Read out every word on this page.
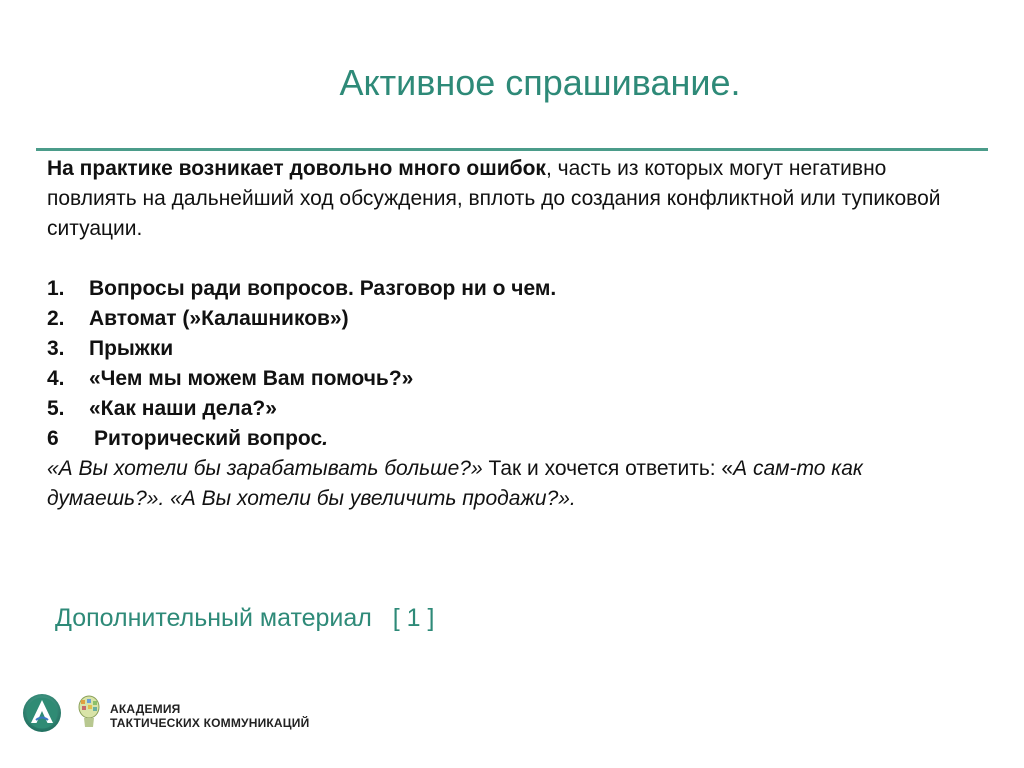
Активное спрашивание.

На практике возникает довольно много ошибок, часть из которых могут негативно повлиять на дальнейший ход обсуждения, вплоть до создания конфликтной или тупиковой ситуации.

1.	Вопросы ради вопросов. Разговор ни о чем.
2.	Автомат (»Калашников»)
3.	Прыжки
4.	«Чем мы можем Вам помочь?»
5.	«Как наши дела?»
6	Риторический вопрос.

«А Вы хотели бы зарабатывать больше?» Так и хочется ответить: «А сам-то как думаешь?». «А Вы хотели бы увеличить продажи?».

Дополнительный материал   [ 1 ]
АКАДЕМИЯ
ТАКТИЧЕСКИХ КОММУНИКАЦИЙ
